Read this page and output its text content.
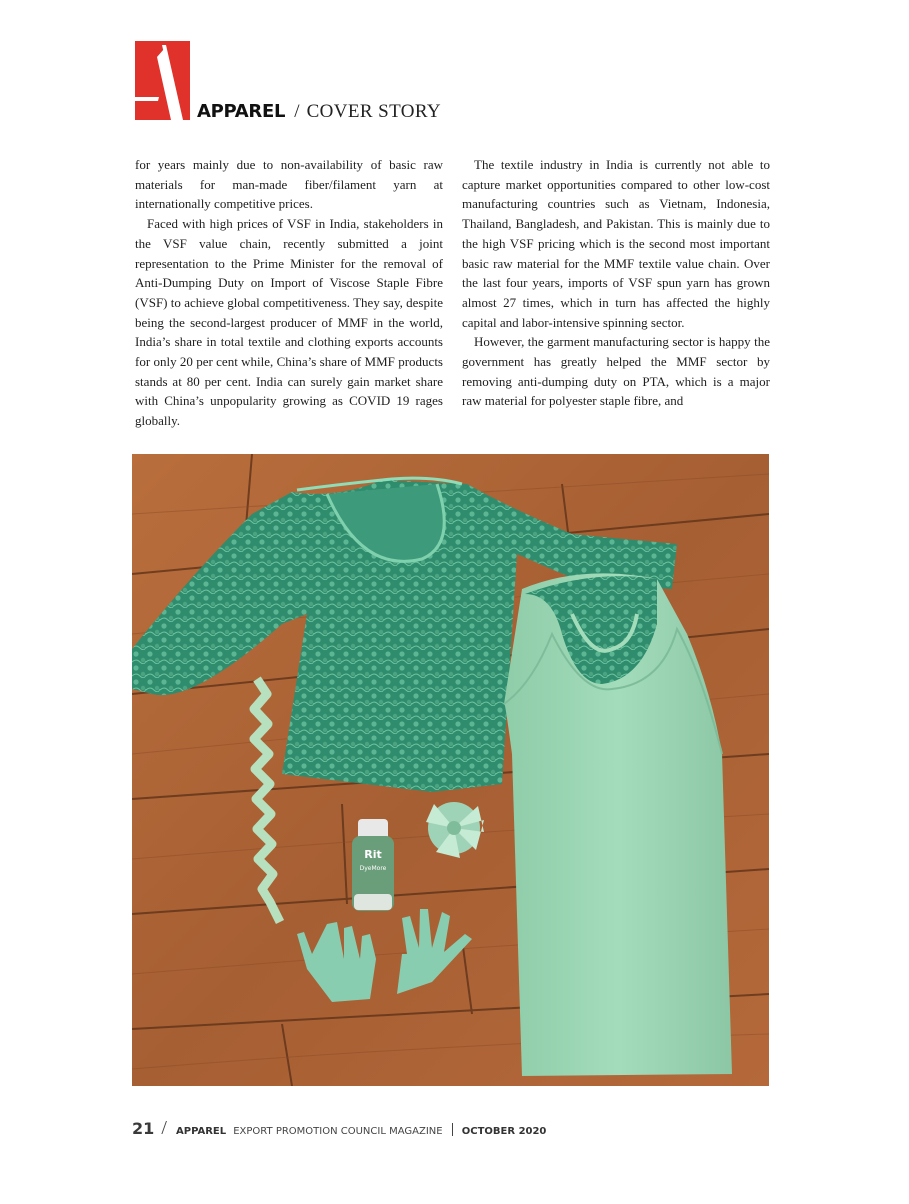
APPAREL / COVER STORY

for years mainly due to non-availability of basic raw materials for man-made fiber/filament yarn at internationally competitive prices.

Faced with high prices of VSF in India, stakeholders in the VSF value chain, recently submitted a joint representation to the Prime Minister for the removal of Anti-Dumping Duty on Import of Viscose Staple Fibre (VSF) to achieve global competitiveness. They say, despite being the second-largest producer of MMF in the world, India’s share in total textile and clothing exports accounts for only 20 per cent while, China’s share of MMF products stands at 80 per cent. India can surely gain market share with China’s unpopularity growing as COVID 19 rages globally.

The textile industry in India is currently not able to capture market opportunities compared to other low-cost manufacturing countries such as Vietnam, Indonesia, Thailand, Bangladesh, and Pakistan. This is mainly due to the high VSF pricing which is the second most important basic raw material for the MMF textile value chain. Over the last four years, imports of VSF spun yarn has grown almost 27 times, which in turn has affected the highly capital and labor-intensive spinning sector.

However, the garment manufacturing sector is happy the government has greatly helped the MMF sector by removing anti-dumping duty on PTA, which is a major raw material for polyester staple fibre, and

Rit
DyeMore
21 / APPAREL EXPORT PROMOTION COUNCIL MAGAZINE OCTOBER 2020
